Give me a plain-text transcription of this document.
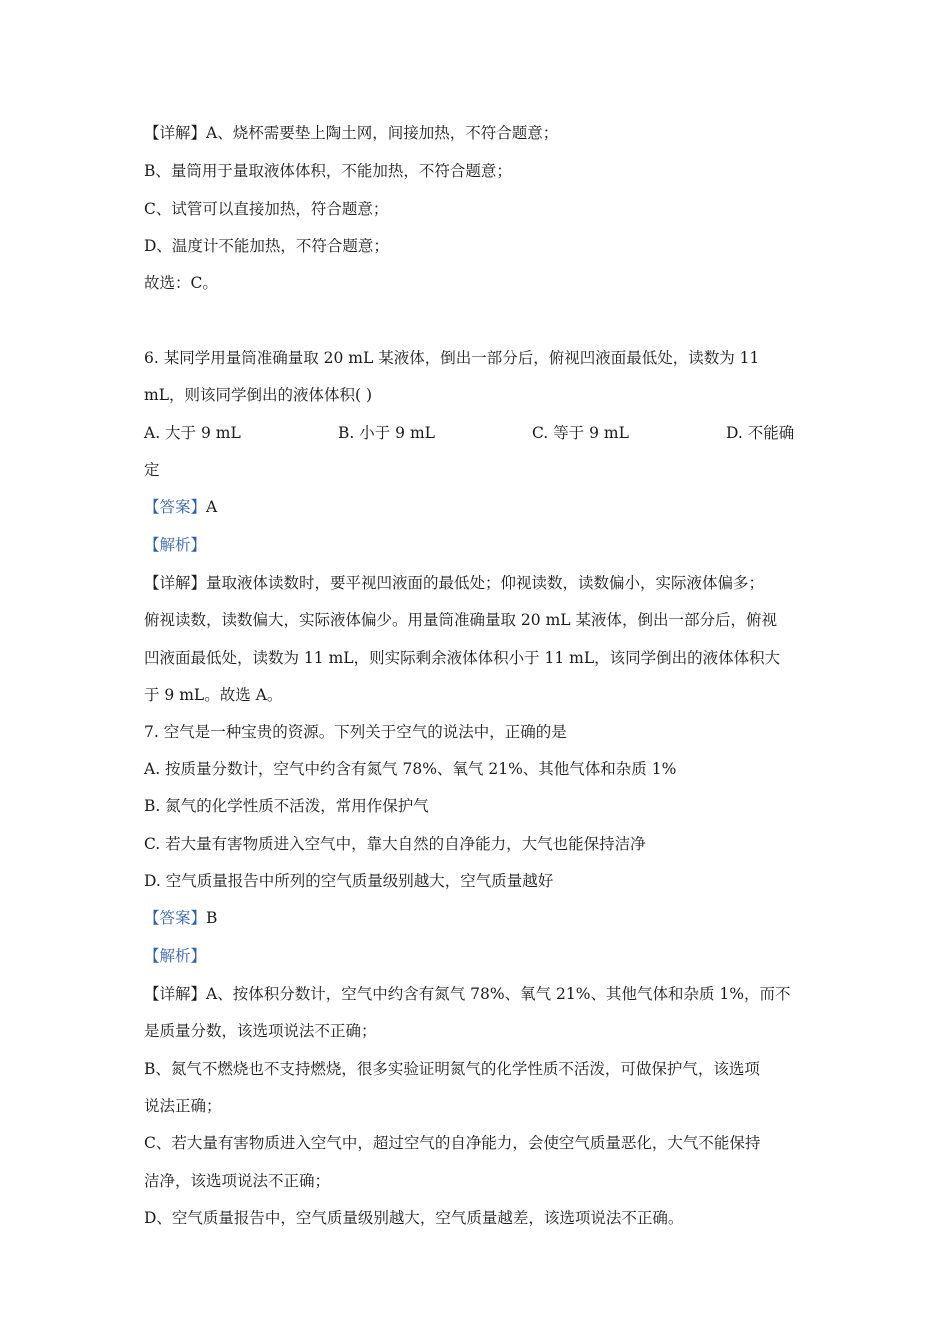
【详解】A、烧杯需要垫上陶土网，间接加热，不符合题意；
B、量筒用于量取液体体积，不能加热，不符合题意；
C、试管可以直接加热，符合题意；
D、温度计不能加热，不符合题意；
故选：C。
6. 某同学用量筒准确量取 20 mL 某液体，倒出一部分后，俯视凹液面最低处，读数为 11
mL，则该同学倒出的液体体积( )
A. 大于 9 mL	B. 小于 9 mL	C. 等于 9 mL	D. 不能确
定
【答案】A
【解析】
【详解】量取液体读数时，要平视凹液面的最低处；仰视读数，读数偏小，实际液体偏多；
俯视读数，读数偏大，实际液体偏少。用量筒准确量取 20 mL 某液体，倒出一部分后，俯视
凹液面最低处，读数为 11 mL，则实际剩余液体体积小于 11 mL，该同学倒出的液体体积大
于 9 mL。故选 A。
7. 空气是一种宝贵的资源。下列关于空气的说法中，正确的是
A. 按质量分数计，空气中约含有氮气 78%、氧气 21%、其他气体和杂质 1%
B. 氮气的化学性质不活泼，常用作保护气
C. 若大量有害物质进入空气中，靠大自然的自净能力，大气也能保持洁净
D. 空气质量报告中所列的空气质量级别越大，空气质量越好
【答案】B
【解析】
【详解】A、按体积分数计，空气中约含有氮气 78%、氧气 21%、其他气体和杂质 1%，而不
是质量分数，该选项说法不正确；
B、氮气不燃烧也不支持燃烧，很多实验证明氮气的化学性质不活泼，可做保护气，该选项
说法正确；
C、若大量有害物质进入空气中，超过空气的自净能力，会使空气质量恶化，大气不能保持
洁净，该选项说法不正确；
D、空气质量报告中，空气质量级别越大，空气质量越差，该选项说法不正确。
